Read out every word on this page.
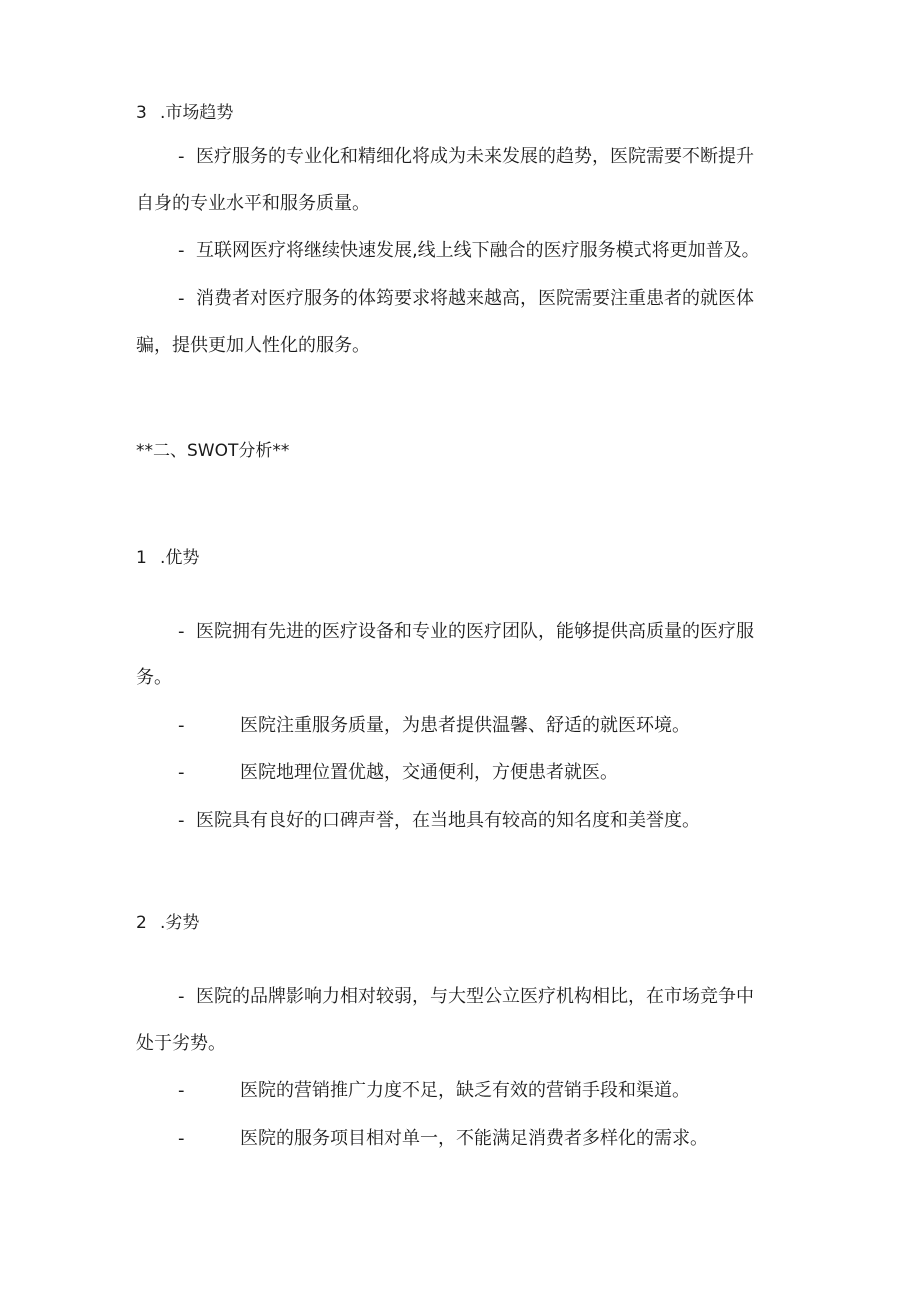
3 .市场趋势
- 医疗服务的专业化和精细化将成为未来发展的趋势，医院需要不断提升
自身的专业水平和服务质量。
- 互联网医疗将继续快速发展,线上线下融合的医疗服务模式将更加普及。
- 消费者对医疗服务的体筠要求将越来越高，医院需要注重患者的就医体
骗，提供更加人性化的服务。
**二、SWOT分析**
1 .优势
- 医院拥有先进的医疗设备和专业的医疗团队，能够提供高质量的医疗服
务。
-	医院注重服务质量，为患者提供温馨、舒适的就医环境。
-	医院地理位置优越，交通便利，方便患者就医。
- 医院具有良好的口碑声誉，在当地具有较高的知名度和美誉度。
2 .劣势
- 医院的品牌影响力相对较弱，与大型公立医疗机构相比，在市场竞争中
处于劣势。
-	医院的营销推广力度不足，缺乏有效的营销手段和渠道。
-	医院的服务项目相对单一，不能满足消费者多样化的需求。
